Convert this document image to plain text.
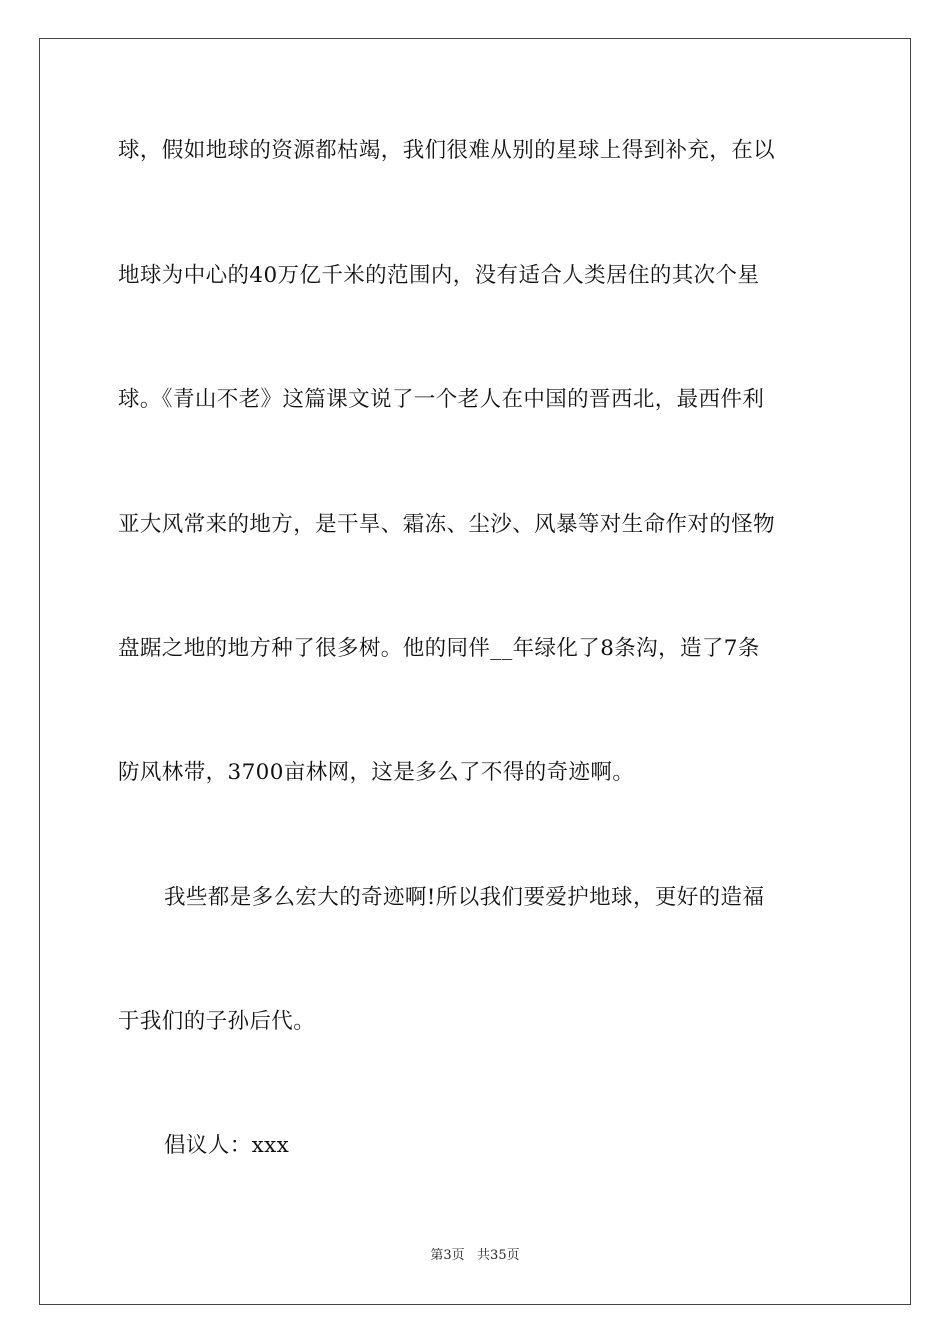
球，假如地球的资源都枯竭，我们很难从别的星球上得到补充，在以
地球为中心的40万亿千米的范围内，没有适合人类居住的其次个星
球。《青山不老》这篇课文说了一个老人在中国的晋西北，最西件利
亚大风常来的地方，是干旱、霜冻、尘沙、风暴等对生命作对的怪物
盘踞之地的地方种了很多树。他的同伴__年绿化了8条沟，造了7条
防风林带，3700亩林网，这是多么了不得的奇迹啊。
我些都是多么宏大的奇迹啊!所以我们要爱护地球，更好的造福
于我们的子孙后代。
倡议人：xxx
第3页   共35页
